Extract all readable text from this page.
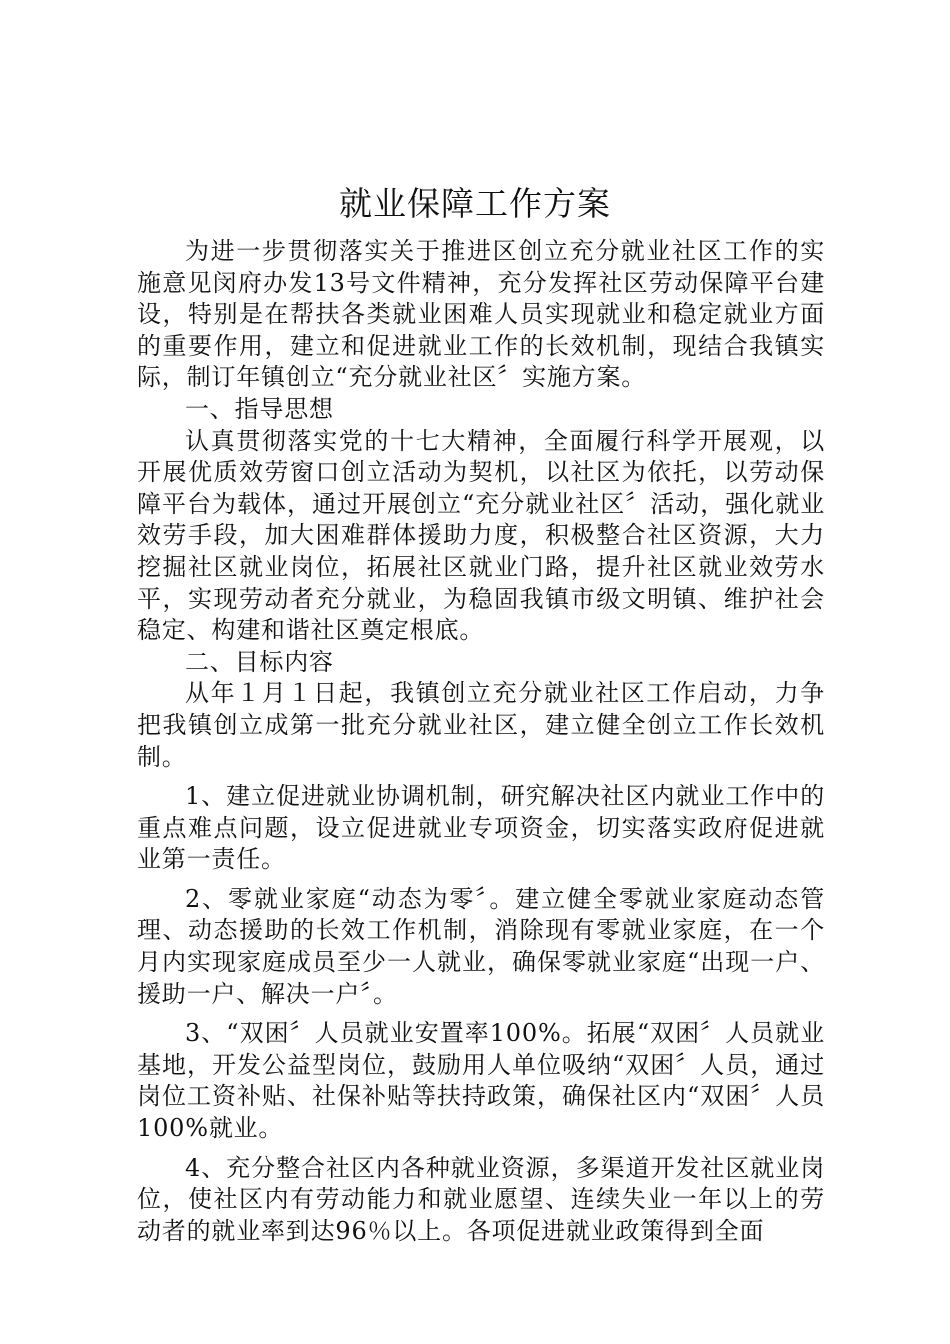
就业保障工作方案

为进一步贯彻落实关于推进区创立充分就业社区工作的实施意见闵府办发13号文件精神，充分发挥社区劳动保障平台建设，特别是在帮扶各类就业困难人员实现就业和稳定就业方面的重要作用，建立和促进就业工作的长效机制，现结合我镇实际，制订年镇创立“充分就业社区〞实施方案。

一、指导思想

认真贯彻落实党的十七大精神，全面履行科学开展观，以开展优质效劳窗口创立活动为契机，以社区为依托，以劳动保障平台为载体，通过开展创立“充分就业社区〞活动，强化就业效劳手段，加大困难群体援助力度，积极整合社区资源，大力挖掘社区就业岗位，拓展社区就业门路，提升社区就业效劳水平，实现劳动者充分就业，为稳固我镇市级文明镇、维护社会稳定、构建和谐社区奠定根底。

二、目标内容

从年１月１日起，我镇创立充分就业社区工作启动，力争把我镇创立成第一批充分就业社区，建立健全创立工作长效机制。

1、建立促进就业协调机制，研究解决社区内就业工作中的重点难点问题，设立促进就业专项资金，切实落实政府促进就业第一责任。

2、零就业家庭“动态为零〞。建立健全零就业家庭动态管理、动态援助的长效工作机制，消除现有零就业家庭，在一个月内实现家庭成员至少一人就业，确保零就业家庭“出现一户、援助一户、解决一户〞。

3、“双困〞人员就业安置率100%。拓展“双困〞人员就业基地，开发公益型岗位，鼓励用人单位吸纳“双困〞人员，通过岗位工资补贴、社保补贴等扶持政策，确保社区内“双困〞人员100%就业。

4、充分整合社区内各种就业资源，多渠道开发社区就业岗位，使社区内有劳动能力和就业愿望、连续失业一年以上的劳动者的就业率到达96％以上。各项促进就业政策得到全面
